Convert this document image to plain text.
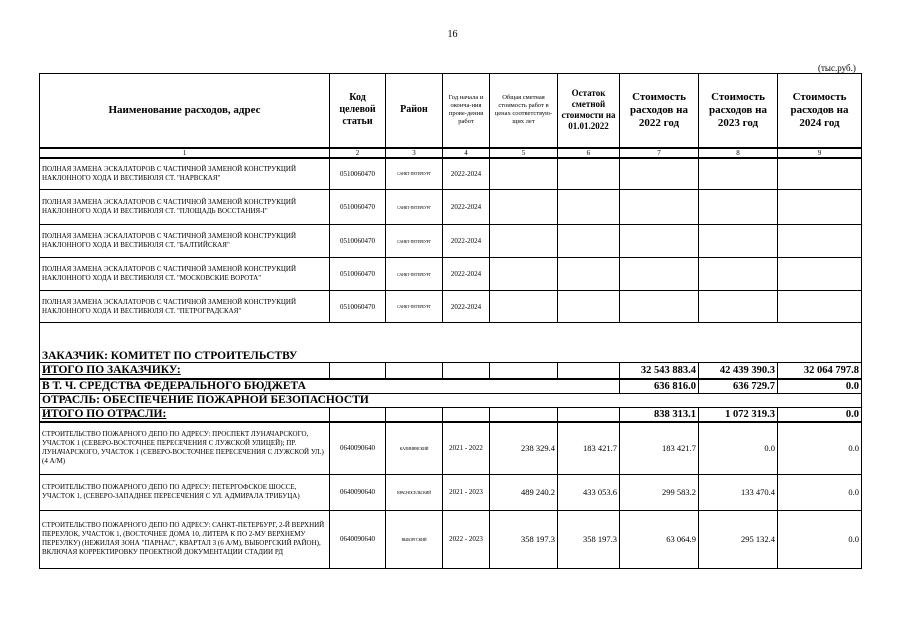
16
(тыс.руб.)
Наименование расходов, адрес	Код целевой статьи	Район	Год начала и оконча-ния прове-дения работ	Общая сметная стоимость работ в ценах соответствую-щих лет	Остаток сметной стоимости на 01.01.2022	Стоимость расходов на 2022 год	Стоимость расходов на 2023 год	Стоимость расходов на 2024 год
1	2	3	4	5	6	7	8	9
ПОЛНАЯ ЗАМЕНА ЭСКАЛАТОРОВ С ЧАСТИЧНОЙ ЗАМЕНОЙ КОНСТРУКЦИЙ НАКЛОННОГО ХОДА И ВЕСТИБЮЛЯ СТ. "НАРВСКАЯ"	0510060470	САНКТ-ПЕТЕРБУРГ	2022-2024					
ПОЛНАЯ ЗАМЕНА ЭСКАЛАТОРОВ С ЧАСТИЧНОЙ ЗАМЕНОЙ КОНСТРУКЦИЙ НАКЛОННОГО ХОДА И ВЕСТИБЮЛЯ СТ. "ПЛОЩАДЬ ВОССТАНИЯ-I"	0510060470	САНКТ-ПЕТЕРБУРГ	2022-2024					
ПОЛНАЯ ЗАМЕНА ЭСКАЛАТОРОВ С ЧАСТИЧНОЙ ЗАМЕНОЙ КОНСТРУКЦИЙ НАКЛОННОГО ХОДА И ВЕСТИБЮЛЯ СТ. "БАЛТИЙСКАЯ"	0510060470	САНКТ-ПЕТЕРБУРГ	2022-2024					
ПОЛНАЯ ЗАМЕНА ЭСКАЛАТОРОВ С ЧАСТИЧНОЙ ЗАМЕНОЙ КОНСТРУКЦИЙ НАКЛОННОГО ХОДА И ВЕСТИБЮЛЯ СТ. "МОСКОВСКИЕ ВОРОТА"	0510060470	САНКТ-ПЕТЕРБУРГ	2022-2024					
ПОЛНАЯ ЗАМЕНА ЭСКАЛАТОРОВ С ЧАСТИЧНОЙ ЗАМЕНОЙ КОНСТРУКЦИЙ НАКЛОННОГО ХОДА И ВЕСТИБЮЛЯ СТ. "ПЕТРОГРАДСКАЯ"	0510060470	САНКТ-ПЕТЕРБУРГ	2022-2024					
ЗАКАЗЧИК: КОМИТЕТ ПО СТРОИТЕЛЬСТВУ								
ИТОГО ПО ЗАКАЗЧИКУ:						32 543 883.4	42 439 390.3	32 064 797.8
В Т. Ч. СРЕДСТВА ФЕДЕРАЛЬНОГО БЮДЖЕТА						636 816.0	636 729.7	0.0
ОТРАСЛЬ: ОБЕСПЕЧЕНИЕ ПОЖАРНОЙ БЕЗОПАСНОСТИ								
ИТОГО ПО ОТРАСЛИ:						838 313.1	1 072 319.3	0.0
СТРОИТЕЛЬСТВО ПОЖАРНОГО ДЕПО ПО АДРЕСУ: ПРОСПЕКТ ЛУНАЧАРСКОГО, УЧАСТОК 1 (СЕВЕРО-ВОСТОЧНЕЕ ПЕРЕСЕЧЕНИЯ С ЛУЖСКОЙ УЛИЦЕЙ); ПР. ЛУНАЧАРСКОГО, УЧАСТОК 1 (СЕВЕРО-ВОСТОЧНЕЕ ПЕРЕСЕЧЕНИЯ С ЛУЖСКОЙ УЛ.) (4 А/М)	0640090640	КАЛИНИНСКИЙ	2021 - 2022	238 329.4	183 421.7	183 421.7	0.0	0.0
СТРОИТЕЛЬСТВО ПОЖАРНОГО ДЕПО ПО АДРЕСУ: ПЕТЕРГОФСКОЕ ШОССЕ, УЧАСТОК 1, (СЕВЕРО-ЗАПАДНЕЕ ПЕРЕСЕЧЕНИЯ С УЛ. АДМИРАЛА ТРИБУЦА)	0640090640	КРАСНОСЕЛЬСКИЙ	2021 - 2023	489 240.2	433 053.6	299 583.2	133 470.4	0.0
СТРОИТЕЛЬСТВО ПОЖАРНОГО ДЕПО ПО АДРЕСУ: САНКТ-ПЕТЕРБУРГ, 2-Й ВЕРХНИЙ ПЕРЕУЛОК, УЧАСТОК 1, (ВОСТОЧНЕЕ ДОМА 10, ЛИТЕРА К ПО 2-МУ ВЕРХНЕМУ ПЕРЕУЛКУ) (НЕЖИЛАЯ ЗОНА "ПАРНАС", КВАРТАЛ 3 (6 А/М), ВЫБОРГСКИЙ РАЙОН), ВКЛЮЧАЯ КОРРЕКТИРОВКУ ПРОЕКТНОЙ ДОКУМЕНТАЦИИ СТАДИИ РД	0640090640	ВЫБОРГСКИЙ	2022 - 2023	358 197.3	358 197.3	63 064.9	295 132.4	0.0
